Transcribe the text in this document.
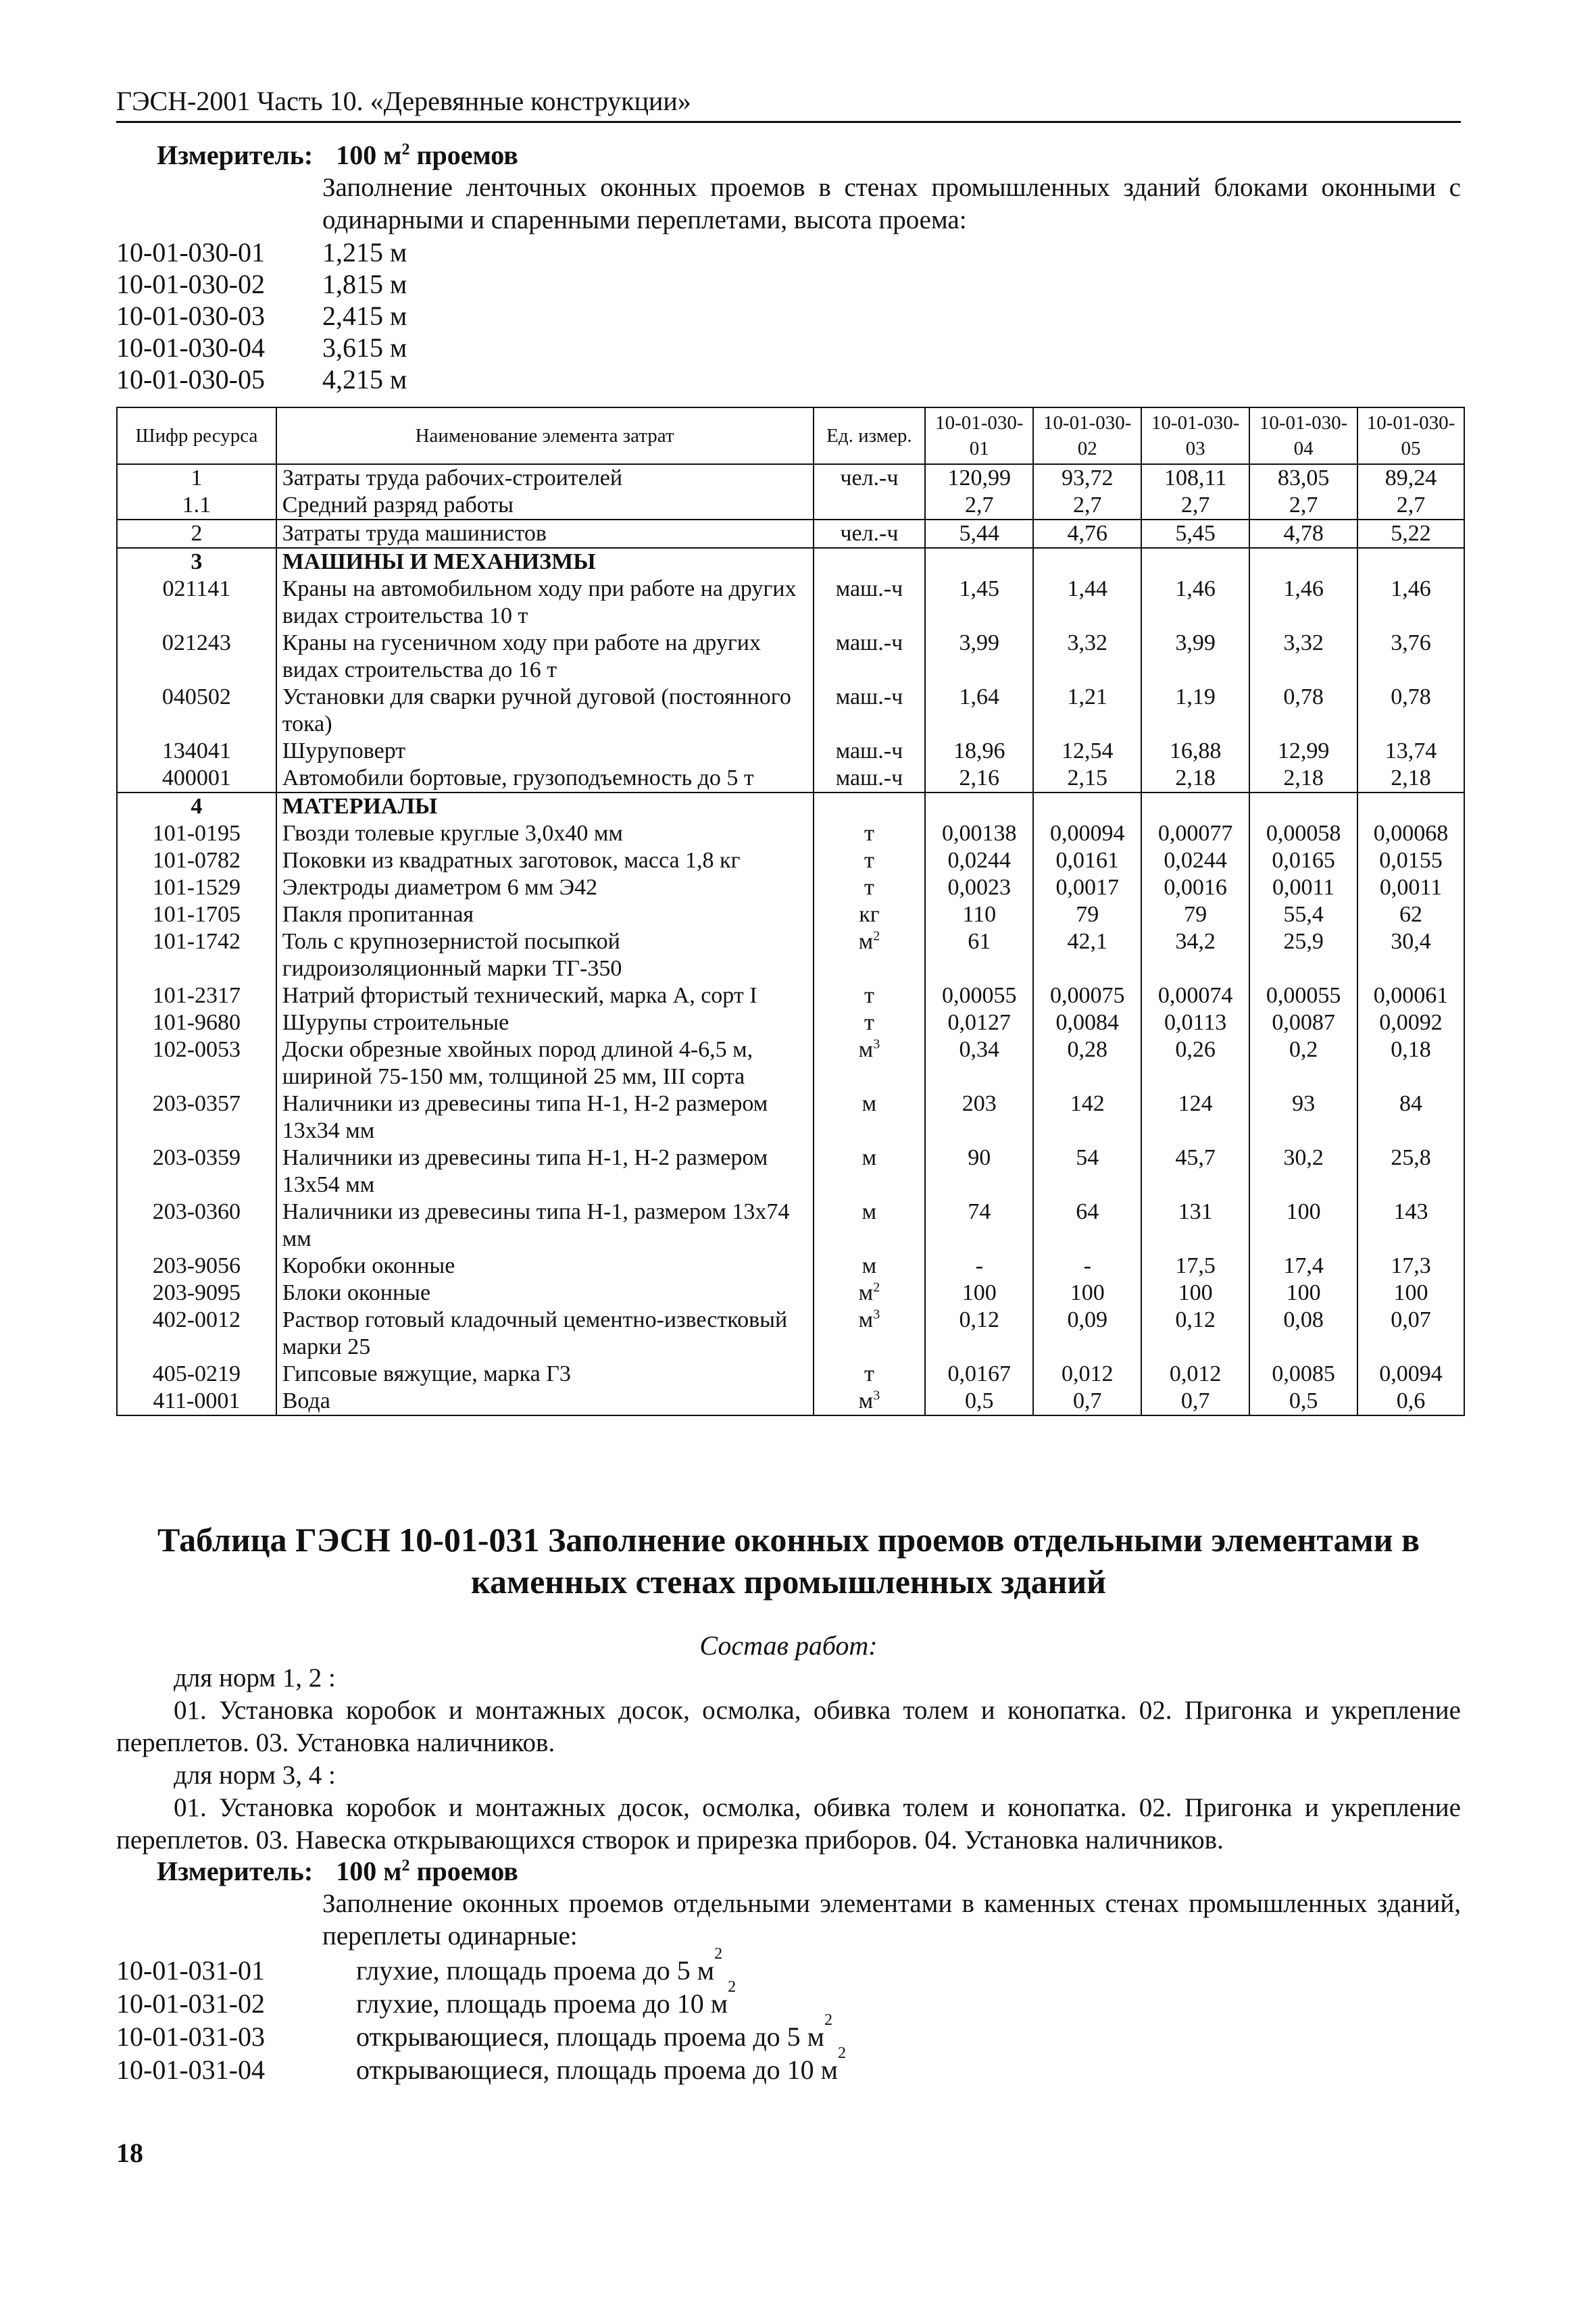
ГЭСН-2001 Часть 10. «Деревянные конструкции»
Измеритель: 100 $м^2$ проемов
Заполнение ленточных оконных проемов в стенах промышленных зданий блоками оконными с одинарными и спаренными переплетами, высота проема:
10-01-030-01	1,215 м
10-01-030-02	1,815 м
10-01-030-03	2,415 м
10-01-030-04	3,615 м
10-01-030-05	4,215 м
Шифр ресурса	Наименование элемента затрат	Ед. измер.	10-01-030-01	10-01-030-02	10-01-030-03	10-01-030-04	10-01-030-05
1	Затраты труда рабочих-строителей	чел.-ч	120,99	93,72	108,11	83,05	89,24
1.1	Средний разряд работы		2,7	2,7	2,7	2,7	2,7
2	Затраты труда машинистов	чел.-ч	5,44	4,76	5,45	4,78	5,22
3	МАШИНЫ И МЕХАНИЗМЫ						
021141	Краны на автомобильном ходу при работе на других видах строительства 10 т	маш.-ч	1,45	1,44	1,46	1,46	1,46
021243	Краны на гусеничном ходу при работе на других видах строительства до 16 т	маш.-ч	3,99	3,32	3,99	3,32	3,76
040502	Установки для сварки ручной дуговой (постоянного тока)	маш.-ч	1,64	1,21	1,19	0,78	0,78
134041	Шуруповерт	маш.-ч	18,96	12,54	16,88	12,99	13,74
400001	Автомобили бортовые, грузоподъемность до 5 т	маш.-ч	2,16	2,15	2,18	2,18	2,18
4	МАТЕРИАЛЫ						
101-0195	Гвозди толевые круглые 3,0х40 мм	т	0,00138	0,00094	0,00077	0,00058	0,00068
101-0782	Поковки из квадратных заготовок, масса 1,8 кг	т	0,0244	0,0161	0,0244	0,0165	0,0155
101-1529	Электроды диаметром 6 мм Э42	т	0,0023	0,0017	0,0016	0,0011	0,0011
101-1705	Пакля пропитанная	кг	110	79	79	55,4	62
101-1742	Толь с крупнозернистой посыпкой гидроизоляционный марки ТГ-350	$м^2$	61	42,1	34,2	25,9	30,4
101-2317	Натрий фтористый технический, марка А, сорт I	т	0,00055	0,00075	0,00074	0,00055	0,00061
101-9680	Шурупы строительные	т	0,0127	0,0084	0,0113	0,0087	0,0092
102-0053	Доски обрезные хвойных пород длиной 4-6,5 м, шириной 75-150 мм, толщиной 25 мм, III сорта	$м^3$	0,34	0,28	0,26	0,2	0,18
203-0357	Наличники из древесины типа Н-1, Н-2 размером 13х34 мм	м	203	142	124	93	84
203-0359	Наличники из древесины типа Н-1, Н-2 размером 13х54 мм	м	90	54	45,7	30,2	25,8
203-0360	Наличники из древесины типа Н-1, размером 13х74 мм	м	74	64	131	100	143
203-9056	Коробки оконные	м	-	-	17,5	17,4	17,3
203-9095	Блоки оконные	$м^2$	100	100	100	100	100
402-0012	Раствор готовый кладочный цементно-известковый марки 25	$м^3$	0,12	0,09	0,12	0,08	0,07
405-0219	Гипсовые вяжущие, марка Г3	т	0,0167	0,012	0,012	0,0085	0,0094
411-0001	Вода	$м^3$	0,5	0,7	0,7	0,5	0,6
Таблица ГЭСН 10-01-031 Заполнение оконных проемов отдельными элементами в каменных стенах промышленных зданий
Состав работ:
для норм 1, 2 :
01. Установка коробок и монтажных досок, осмолка, обивка толем и конопатка. 02. Пригонка и укрепление переплетов. 03. Установка наличников.
для норм 3, 4 :
01. Установка коробок и монтажных досок, осмолка, обивка толем и конопатка. 02. Пригонка и укрепление переплетов. 03. Навеска открывающихся створок и прирезка приборов. 04. Установка наличников.
Измеритель: 100 $м^2$ проемов
Заполнение оконных проемов отдельными элементами в каменных стенах промышленных зданий, переплеты одинарные:
10-01-031-01	глухие, площадь проема до 5 м
2
10-01-031-02	глухие, площадь проема до 10 м
2
10-01-031-03	открывающиеся, площадь проема до 5 м
2
10-01-031-04	открывающиеся, площадь проема до 10 м
2
18
